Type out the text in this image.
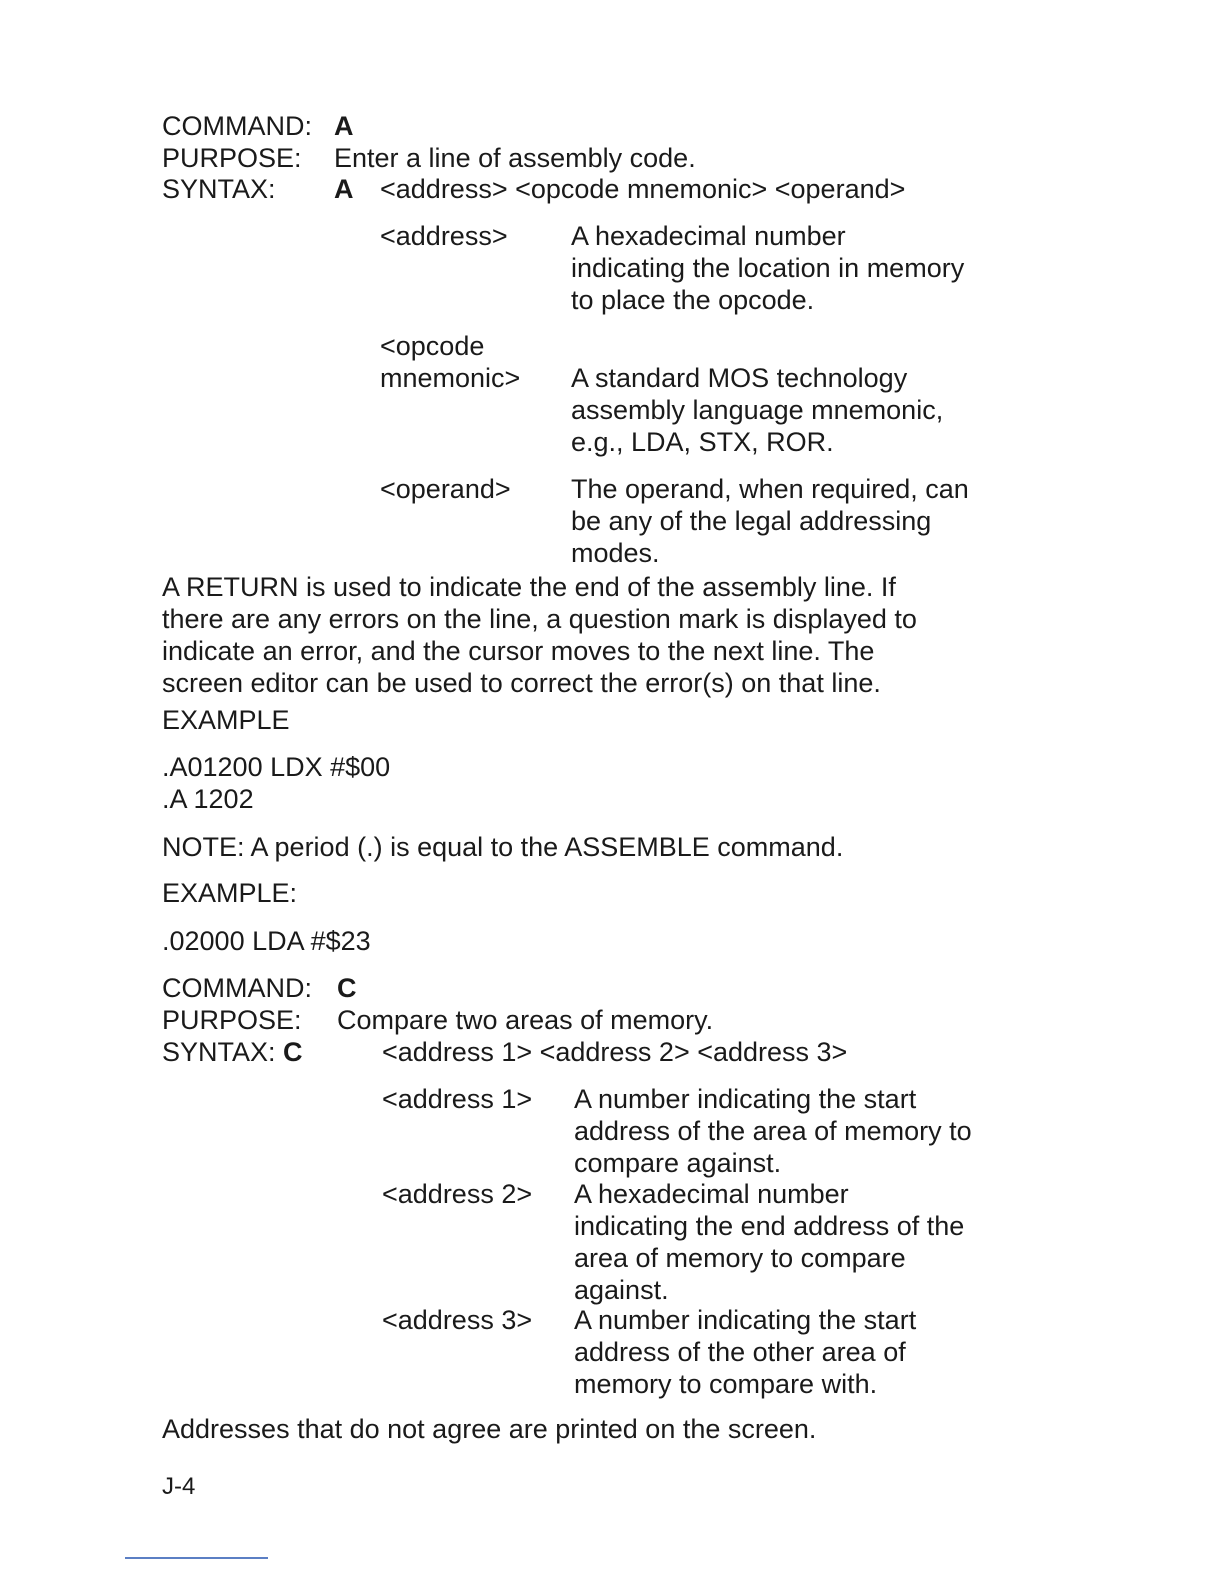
COMMAND: A
PURPOSE: Enter a line of assembly code.
SYNTAX: A <address> <opcode mnemonic> <operand>
<address> A hexadecimal number
indicating the location in memory
to place the opcode.
<opcode
mnemonic> A standard MOS technology
assembly language mnemonic,
e.g., LDA, STX, ROR.
<operand> The operand, when required, can
be any of the legal addressing
modes.
A RETURN is used to indicate the end of the assembly line. If
there are any errors on the line, a question mark is displayed to
indicate an error, and the cursor moves to the next line. The
screen editor can be used to correct the error(s) on that line.
EXAMPLE
.A01200 LDX #$00
.A 1202
NOTE: A period (.) is equal to the ASSEMBLE command.
EXAMPLE:
.02000 LDA #$23
COMMAND: C
PURPOSE: Compare two areas of memory.
SYNTAX: C	<address 1> <address 2> <address 3>
<address 1> A number indicating the start
address of the area of memory to
compare against.
<address 2> A hexadecimal number
indicating the end address of the
area of memory to compare
against.
<address 3> A number indicating the start
address of the other area of
memory to compare with.
Addresses that do not agree are printed on the screen.
J-4
